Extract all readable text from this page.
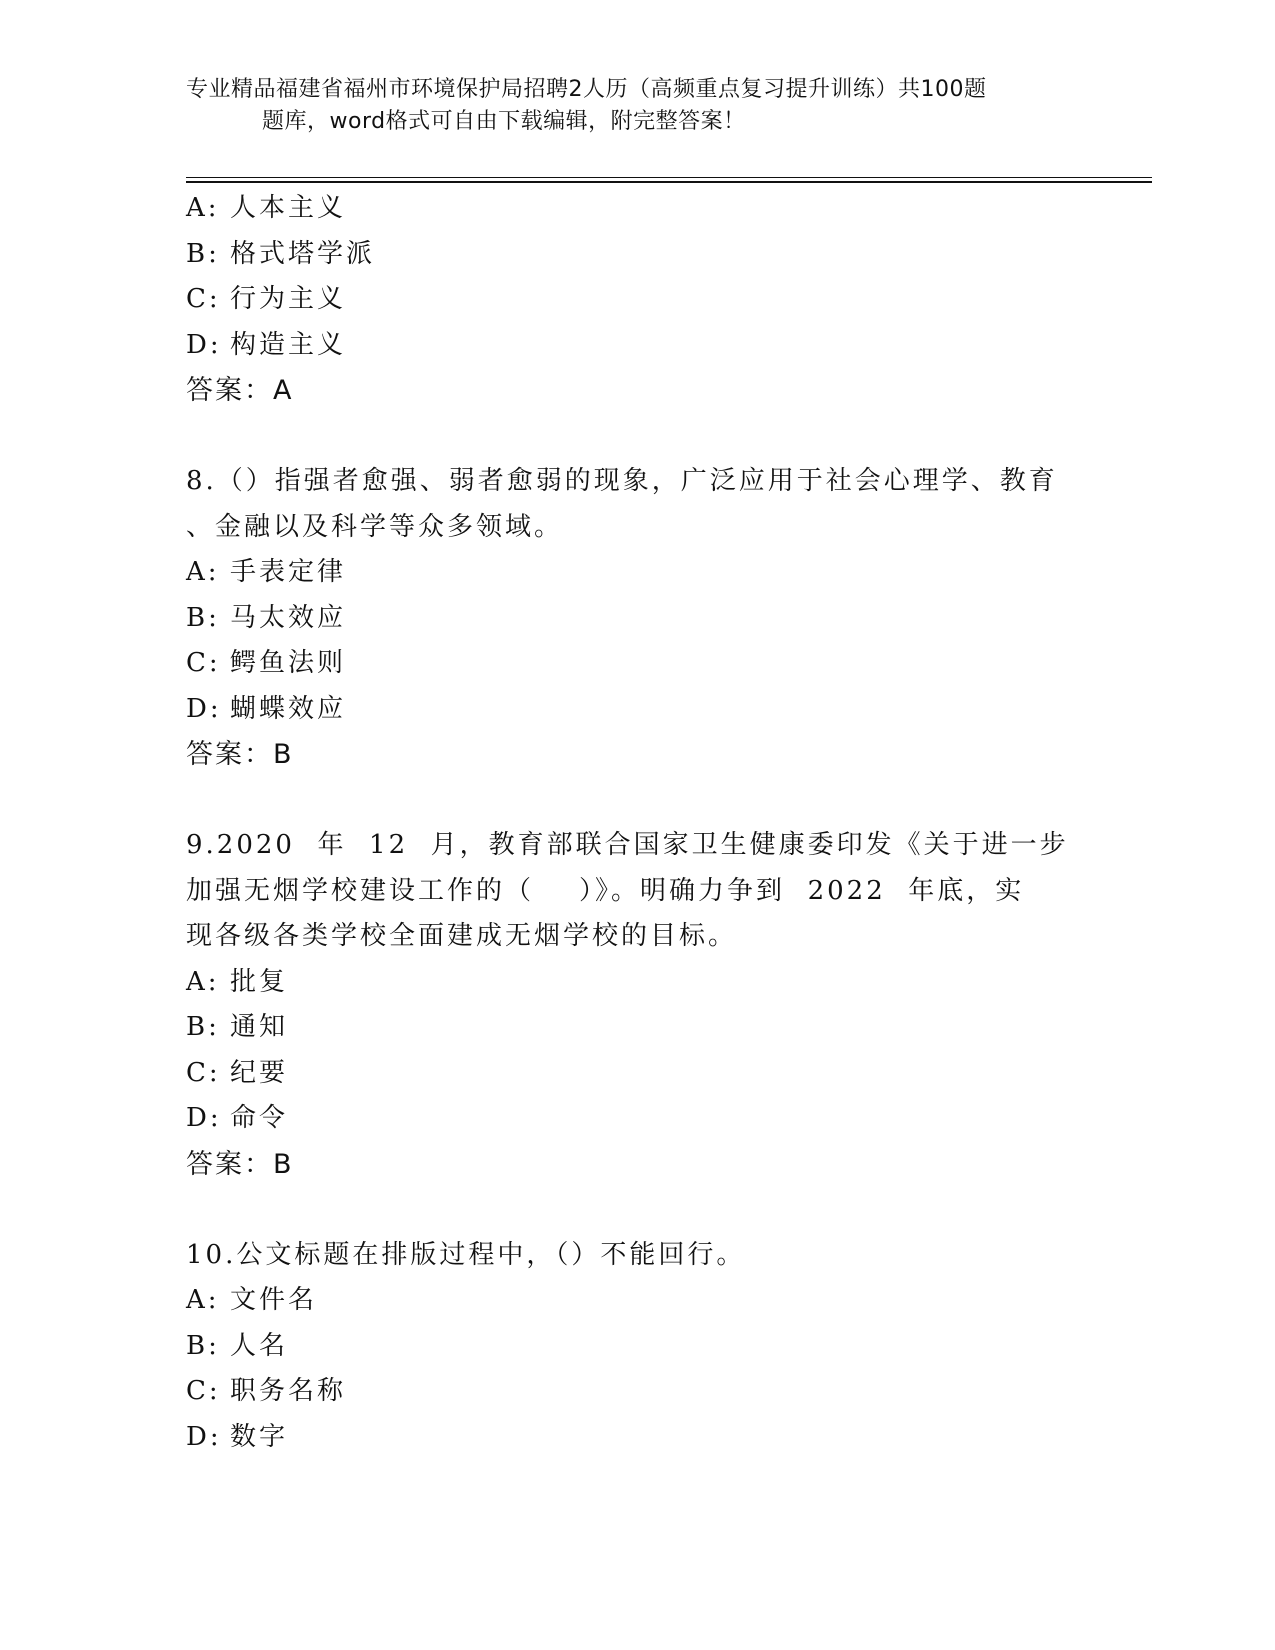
专业精品福建省福州市环境保护局招聘2人历（高频重点复习提升训练）共100题
题库，word格式可自由下载编辑，附完整答案！
A: 人本主义
B: 格式塔学派
C: 行为主义
D: 构造主义
答案：A
8.（）指强者愈强、弱者愈弱的现象，广泛应用于社会心理学、教育
、金融以及科学等众多领域。
A: 手表定律
B: 马太效应
C: 鳄鱼法则
D: 蝴蝶效应
答案：B
9.2020  年  12  月，教育部联合国家卫生健康委印发《关于进一步
加强无烟学校建设工作的（    ）》。明确力争到  2022  年底，实
现各级各类学校全面建成无烟学校的目标。
A: 批复
B: 通知
C: 纪要
D: 命令
答案：B
10.公文标题在排版过程中，（）不能回行。
A: 文件名
B: 人名
C: 职务名称
D: 数字
